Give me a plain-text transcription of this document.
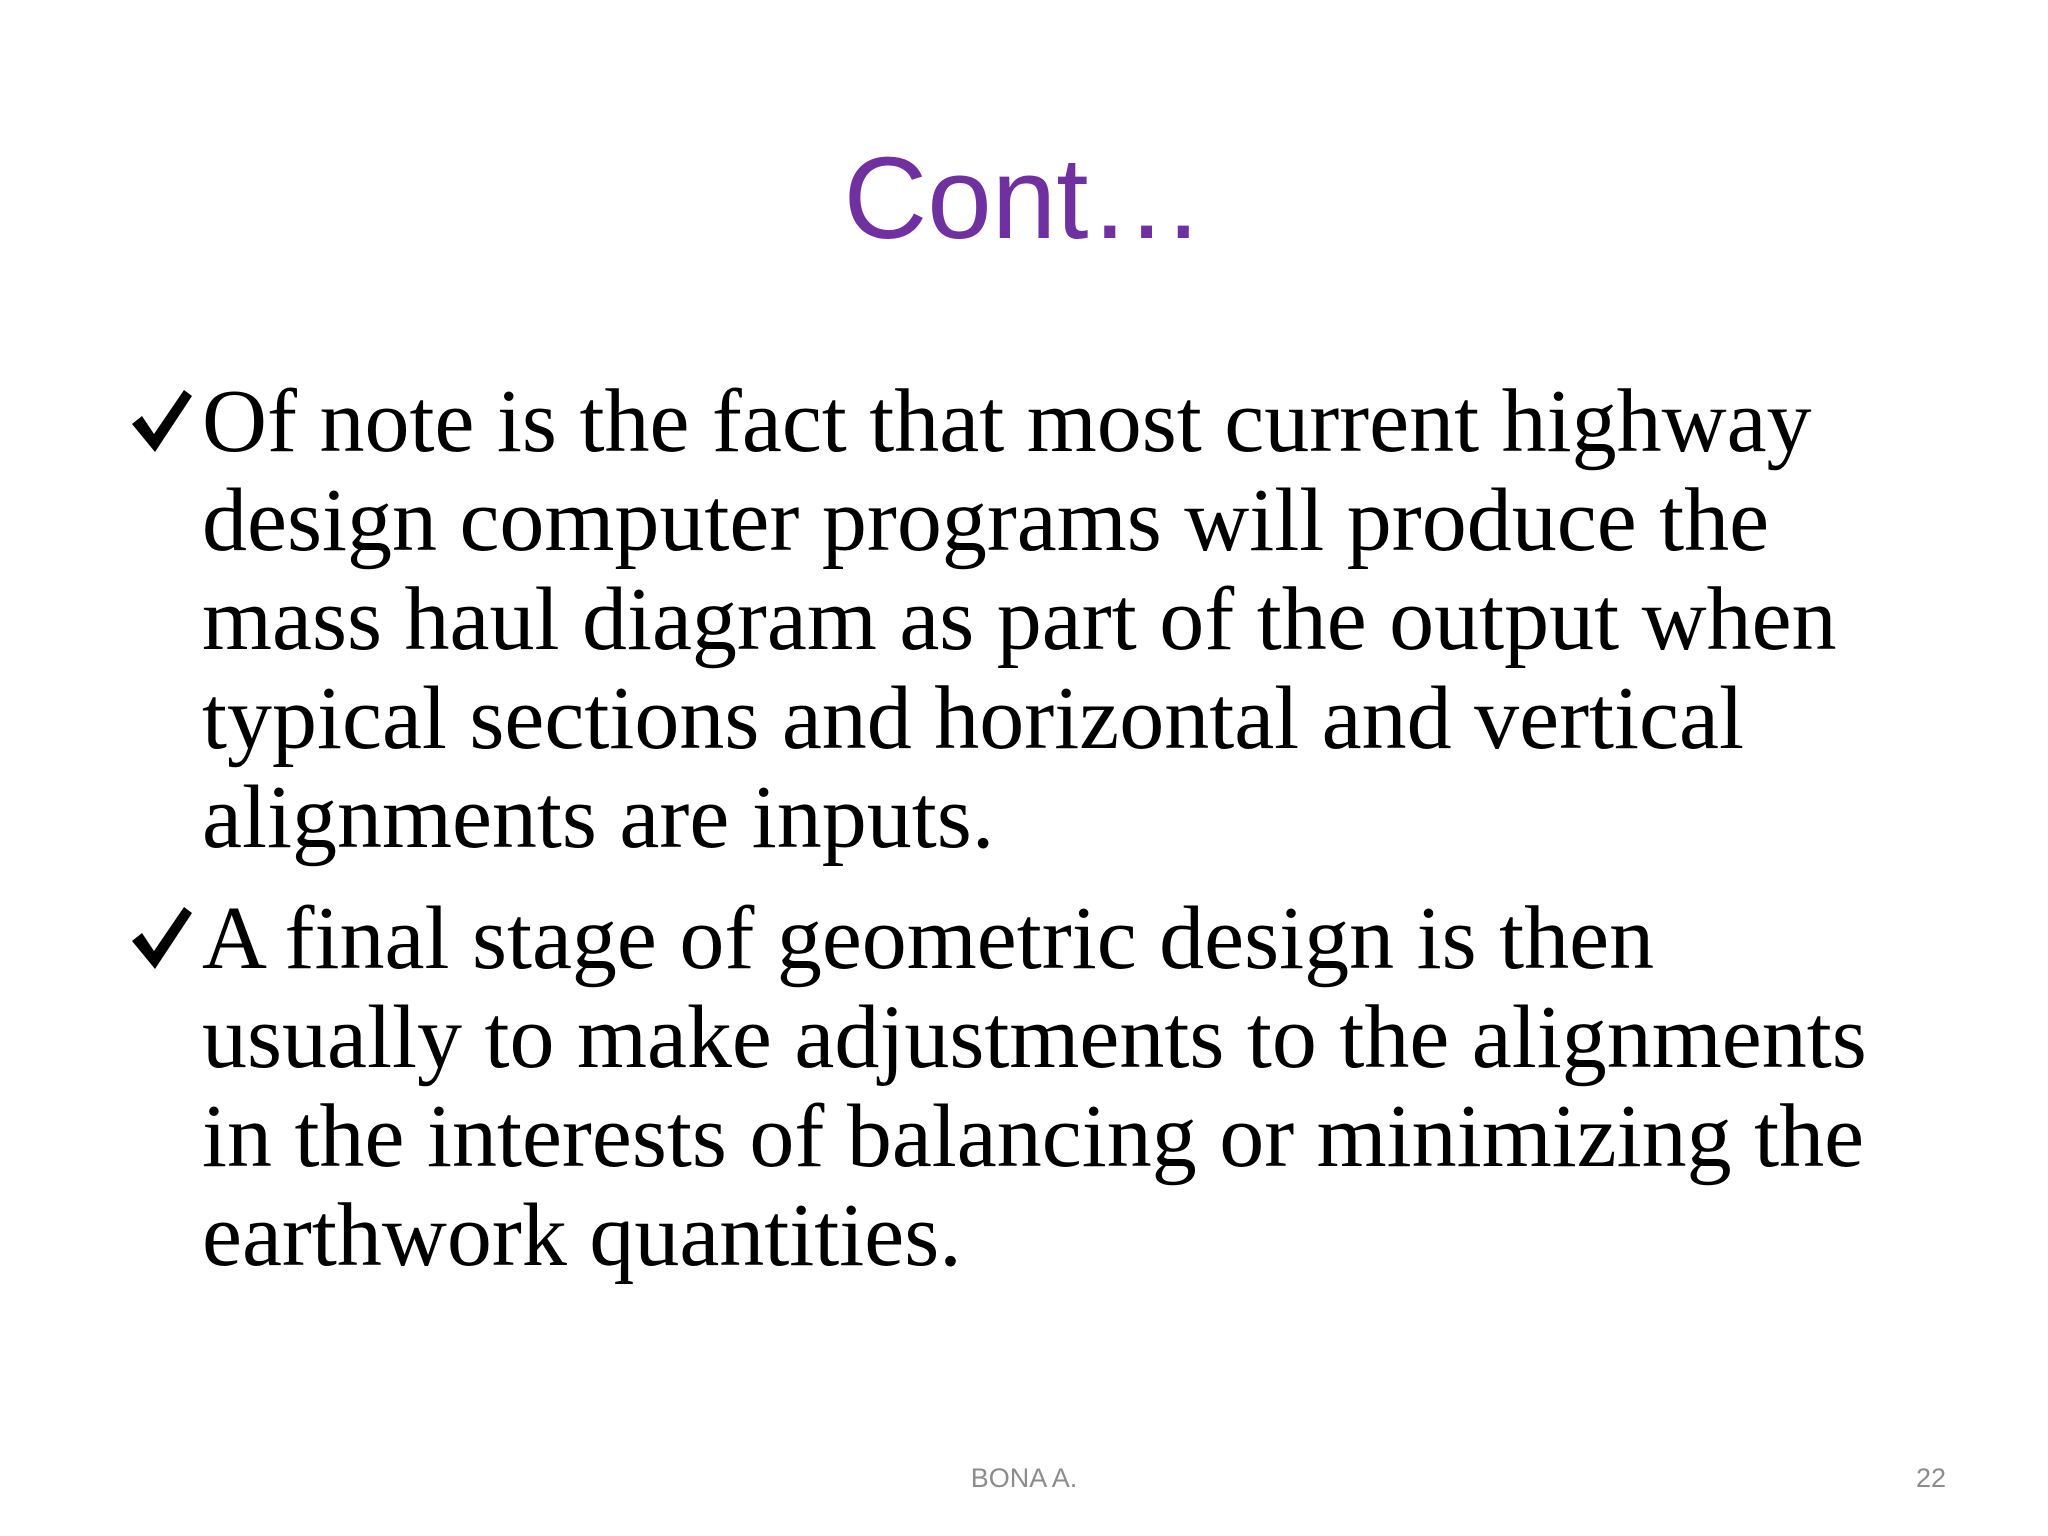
Cont…
Of note is the fact that most current highway design computer programs will produce the mass haul diagram as part of the output when typical sections and horizontal and vertical alignments are inputs.
A final stage of geometric design is then usually to make adjustments to the alignments in the interests of balancing or minimizing the earthwork quantities.
BONA A.	22
